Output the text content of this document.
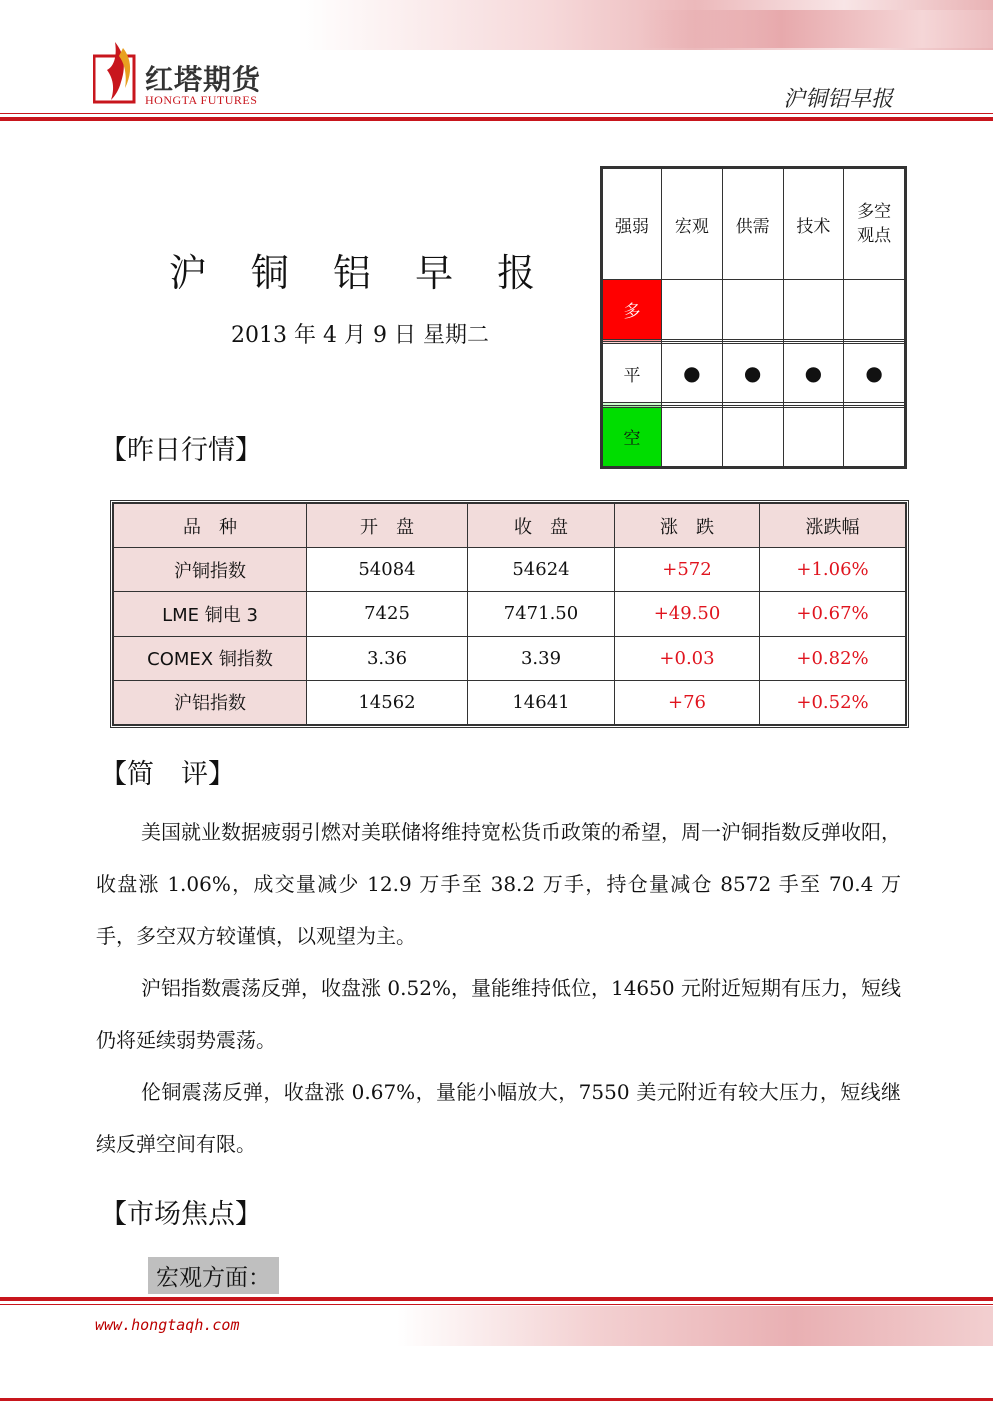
红塔期货
HONGTA FUTURES	沪铜铝早报
沪 铜 铝 早 报
2013 年 4 月 9 日 星期二
强弱	宏观	供需	技术	多空
观点
多				

平	●	●	●	●

空				
【昨日行情】
品　种	开　盘	收　盘	涨　跌	涨跌幅
沪铜指数	54084	54624	+572	+1.06%
LME 铜电 3	7425	7471.50	+49.50	+0.67%
COMEX 铜指数	3.36	3.39	+0.03	+0.82%
沪铝指数	14562	14641	+76	+0.52%
【简　评】

美国就业数据疲弱引燃对美联储将维持宽松货币政策的希望，周一沪铜指数反弹收阳，收盘涨 1.06%，成交量减少 12.9 万手至 38.2 万手，持仓量减仓 8572 手至 70.4 万手，多空双方较谨慎，以观望为主。

沪铝指数震荡反弹，收盘涨 0.52%，量能维持低位，14650 元附近短期有压力，短线仍将延续弱势震荡。

伦铜震荡反弹，收盘涨 0.67%，量能小幅放大，7550 美元附近有较大压力，短线继续反弹空间有限。

【市场焦点】
宏观方面：
www.hongtaqh.com
